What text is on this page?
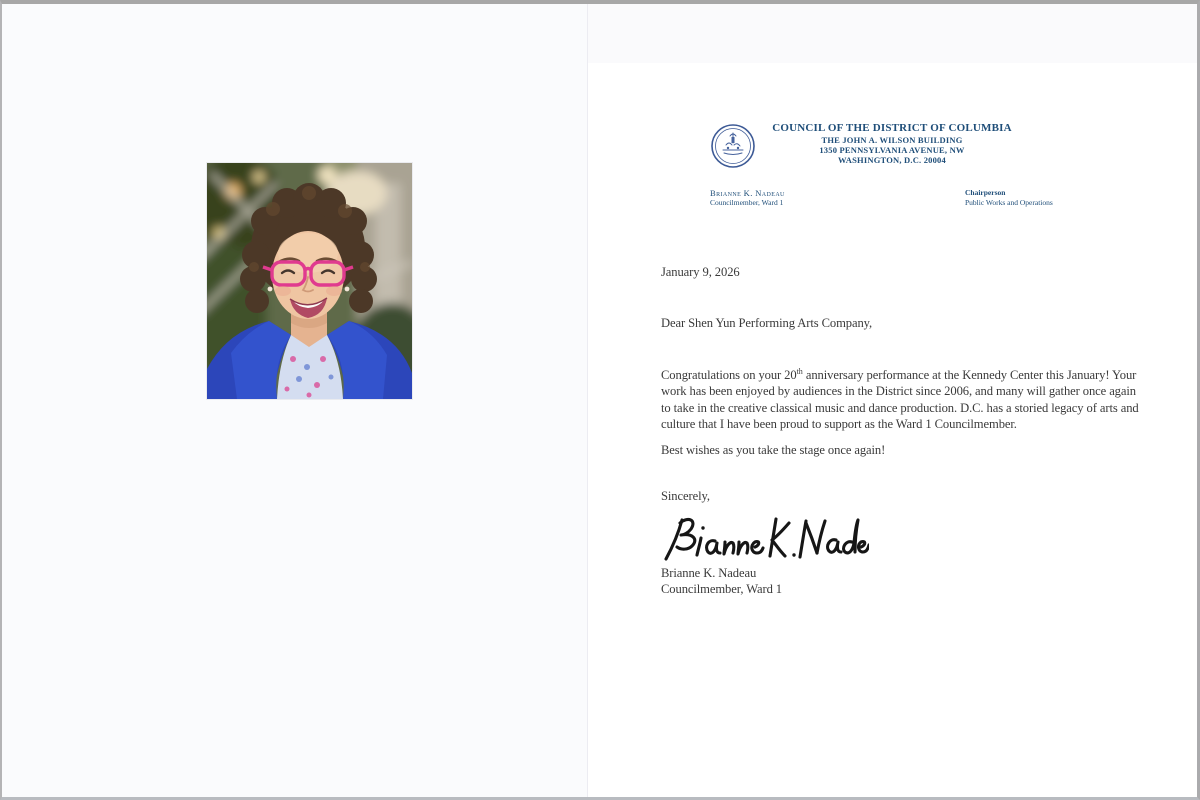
COUNCIL OF THE DISTRICT OF COLUMBIA
THE JOHN A. WILSON BUILDING
1350 PENNSYLVANIA AVENUE, NW
WASHINGTON, D.C. 20004
Brianne K. Nadeau
Councilmember, Ward 1
Chairperson
Public Works and Operations
January 9, 2026
Dear Shen Yun Performing Arts Company,
Congratulations on your 20th anniversary performance at the Kennedy Center this January! Your
work has been enjoyed by audiences in the District since 2006, and many will gather once again
to take in the creative classical music and dance production. D.C. has a storied legacy of arts and
culture that I have been proud to support as the Ward 1 Councilmember.
Best wishes as you take the stage once again!
Sincerely,
Brianne K. Nadeau
Councilmember, Ward 1
